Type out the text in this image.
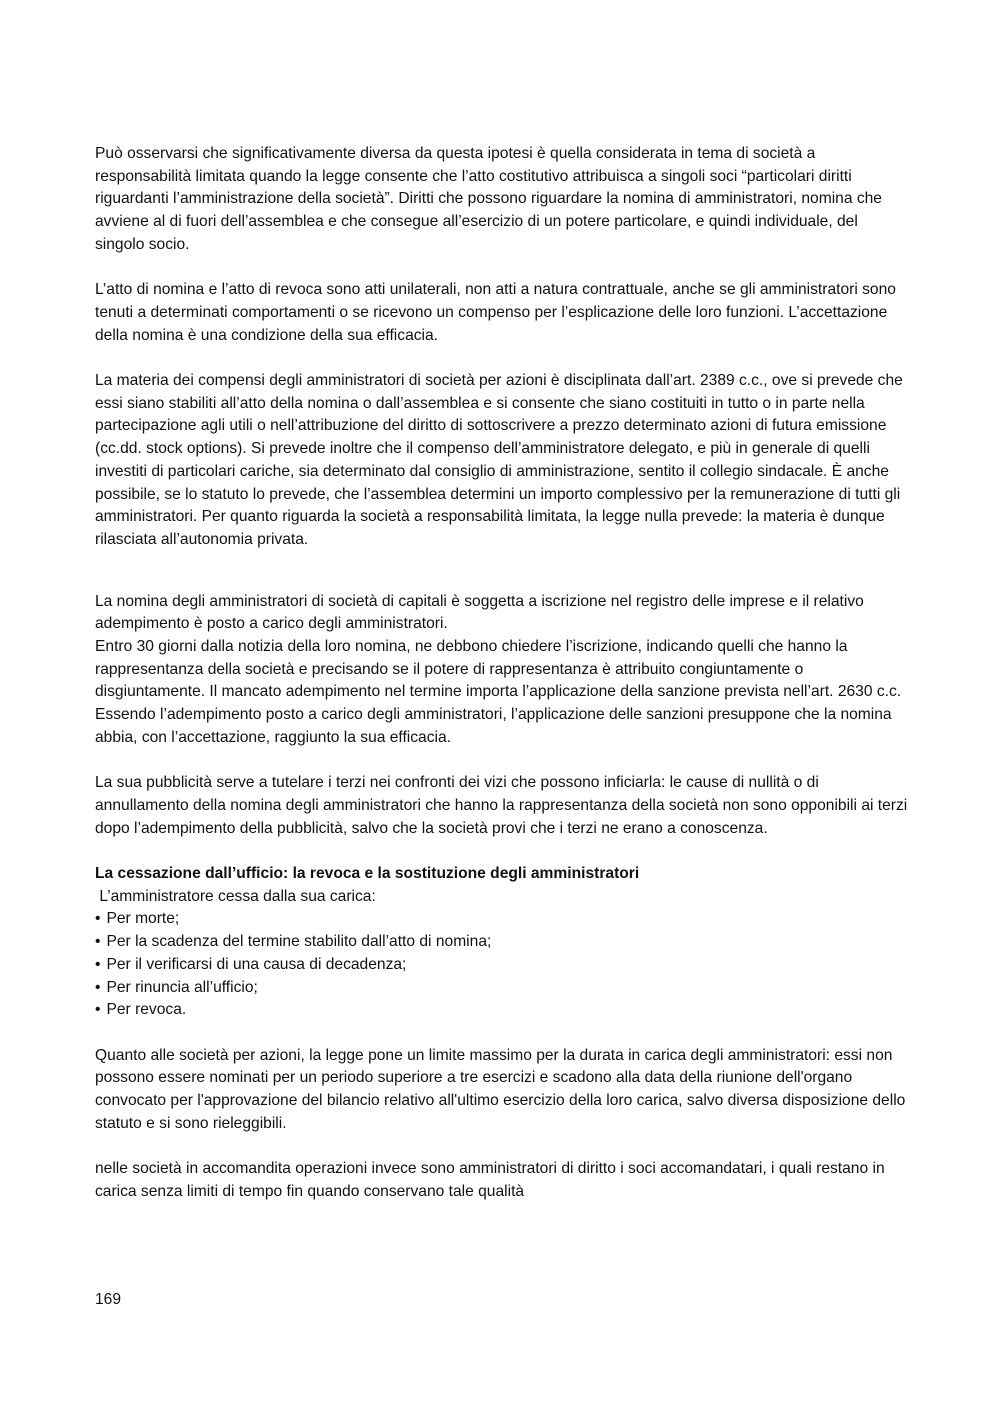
Può osservarsi che significativamente diversa da questa ipotesi è quella considerata in tema di società a responsabilità limitata quando la legge consente che l’atto costitutivo attribuisca a singoli soci “particolari diritti riguardanti l’amministrazione della società”. Diritti che possono riguardare la nomina di amministratori, nomina che avviene al di fuori dell’assemblea e che consegue all’esercizio di un potere particolare, e quindi individuale, del singolo socio.

L’atto di nomina e l’atto di revoca sono atti unilaterali, non atti a natura contrattuale, anche se gli amministratori sono tenuti a determinati comportamenti o se ricevono un compenso per l’esplicazione delle loro funzioni. L’accettazione della nomina è una condizione della sua efficacia.

La materia dei compensi degli amministratori di società per azioni è disciplinata dall’art. 2389 c.c., ove si prevede che essi siano stabiliti all’atto della nomina o dall’assemblea e si consente che siano costituiti in tutto o in parte nella partecipazione agli utili o nell’attribuzione del diritto di sottoscrivere a prezzo determinato azioni di futura emissione (cc.dd. stock options). Si prevede inoltre che il compenso dell’amministratore delegato, e più in generale di quelli investiti di particolari cariche, sia determinato dal consiglio di amministrazione, sentito il collegio sindacale. È anche possibile, se lo statuto lo prevede, che l’assemblea determini un importo complessivo per la remunerazione di tutti gli amministratori. Per quanto riguarda la società a responsabilità limitata, la legge nulla prevede: la materia è dunque rilasciata all’autonomia privata.

La nomina degli amministratori di società di capitali è soggetta a iscrizione nel registro delle imprese e il relativo adempimento è posto a carico degli amministratori.

Entro 30 giorni dalla notizia della loro nomina, ne debbono chiedere l’iscrizione, indicando quelli che hanno la rappresentanza della società e precisando se il potere di rappresentanza è attribuito congiuntamente o disgiuntamente. Il mancato adempimento nel termine importa l’applicazione della sanzione prevista nell’art. 2630 c.c. Essendo l’adempimento posto a carico degli amministratori, l’applicazione delle sanzioni presuppone che la nomina abbia, con l’accettazione, raggiunto la sua efficacia.

La sua pubblicità serve a tutelare i terzi nei confronti dei vizi che possono inficiarla: le cause di nullità o di annullamento della nomina degli amministratori che hanno la rappresentanza della società non sono opponibili ai terzi dopo l’adempimento della pubblicità, salvo che la società provi che i terzi ne erano a conoscenza.

La cessazione dall’ufficio: la revoca e la sostituzione degli amministratori

L’amministratore cessa dalla sua carica:

• Per morte;
• Per la scadenza del termine stabilito dall’atto di nomina;
• Per il verificarsi di una causa di decadenza;
• Per rinuncia all’ufficio;
• Per revoca.

Quanto alle società per azioni, la legge pone un limite massimo per la durata in carica degli amministratori: essi non possono essere nominati per un periodo superiore a tre esercizi e scadono alla data della riunione dell'organo convocato per l'approvazione del bilancio relativo all'ultimo esercizio della loro carica, salvo diversa disposizione dello statuto e si sono rieleggibili.

nelle società in accomandita operazioni invece sono amministratori di diritto i soci accomandatari, i quali restano in carica senza limiti di tempo fin quando conservano tale qualità

169
